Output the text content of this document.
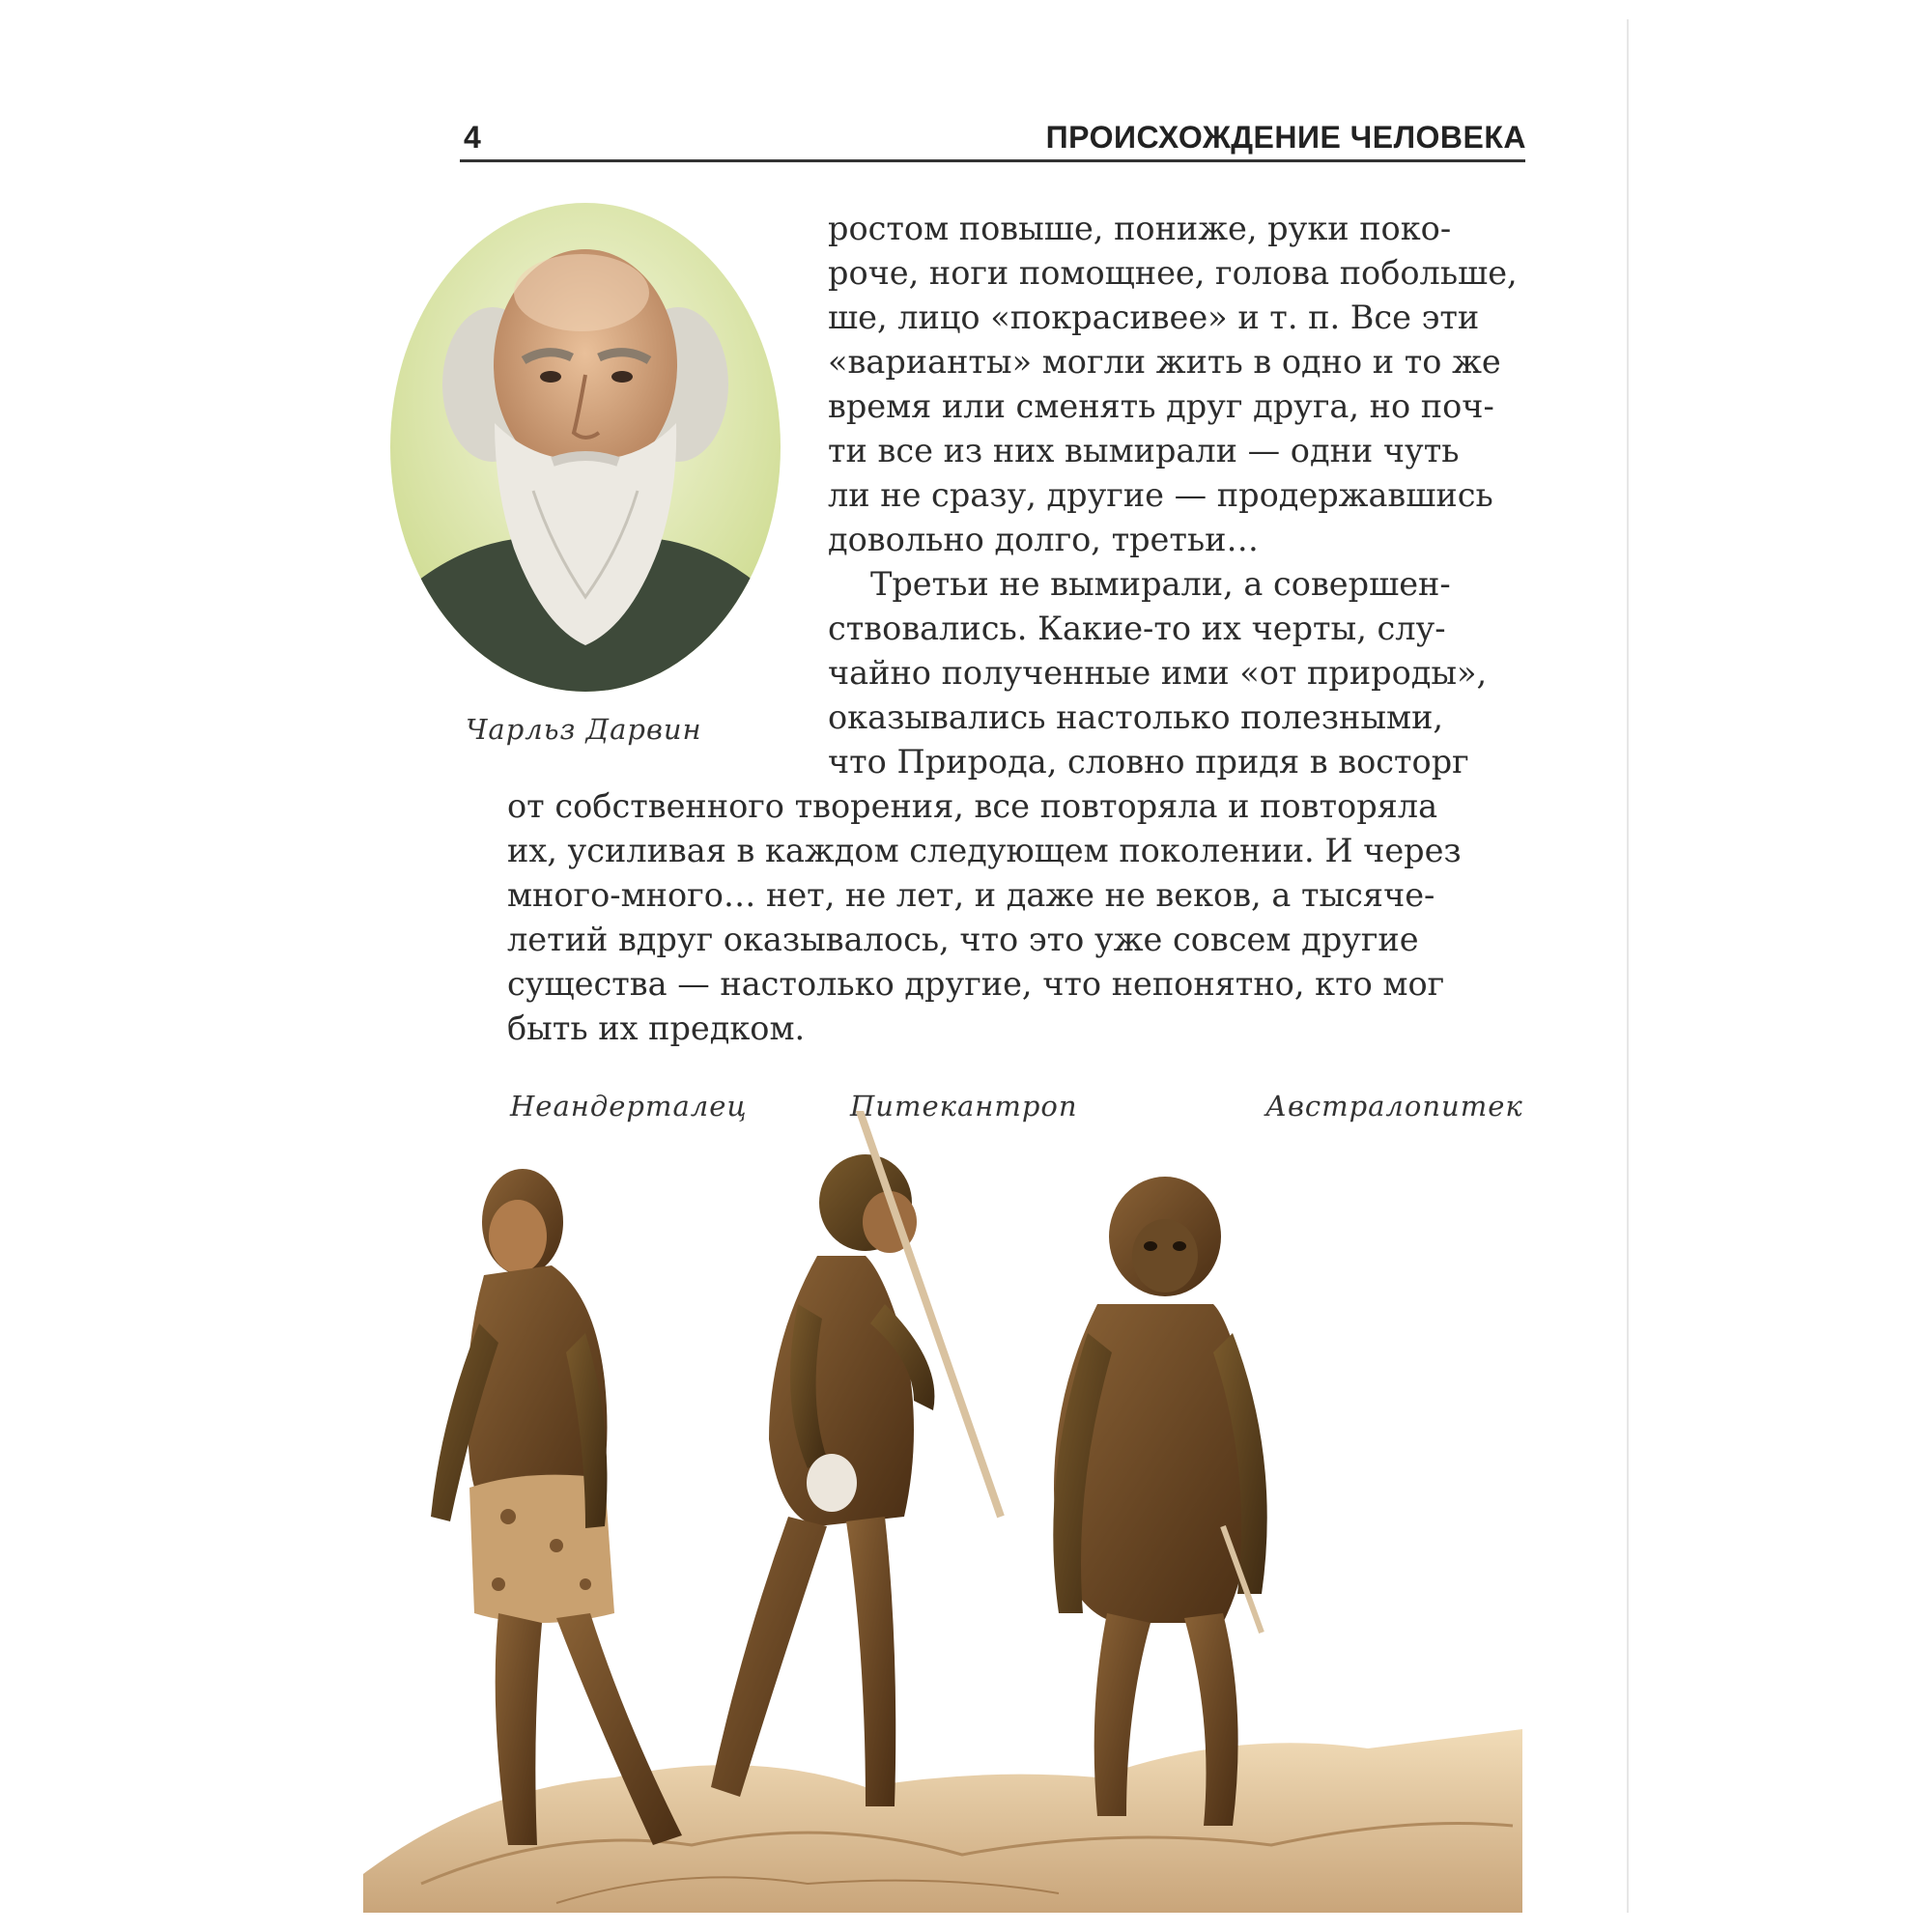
4	ПРОИСХОЖДЕНИЕ ЧЕЛОВЕКА
Чарльз Дарвин
ростом повыше, пониже, руки поко-
роче, ноги помощнее, голова побольше,
ше, лицо «покрасивее» и т. п. Все эти
«варианты» могли жить в одно и то же
время или сменять друг друга, но поч-
ти все из них вымирали — одни чуть
ли не сразу, другие — продержавшись
довольно долго, третьи…
Третьи не вымирали, а совершен-
ствовались. Какие-то их черты, слу-
чайно полученные ими «от природы»,
оказывались настолько полезными,
что Природа, словно придя в восторг
от собственного творения, все повторяла и повторяла
их, усиливая в каждом следующем поколении. И через
много-много… нет, не лет, и даже не веков, а тысяче-
летий вдруг оказывалось, что это уже совсем другие
существа — настолько другие, что непонятно, кто мог
быть их предком.
Неандерталец	Питекантроп	Австралопитек
